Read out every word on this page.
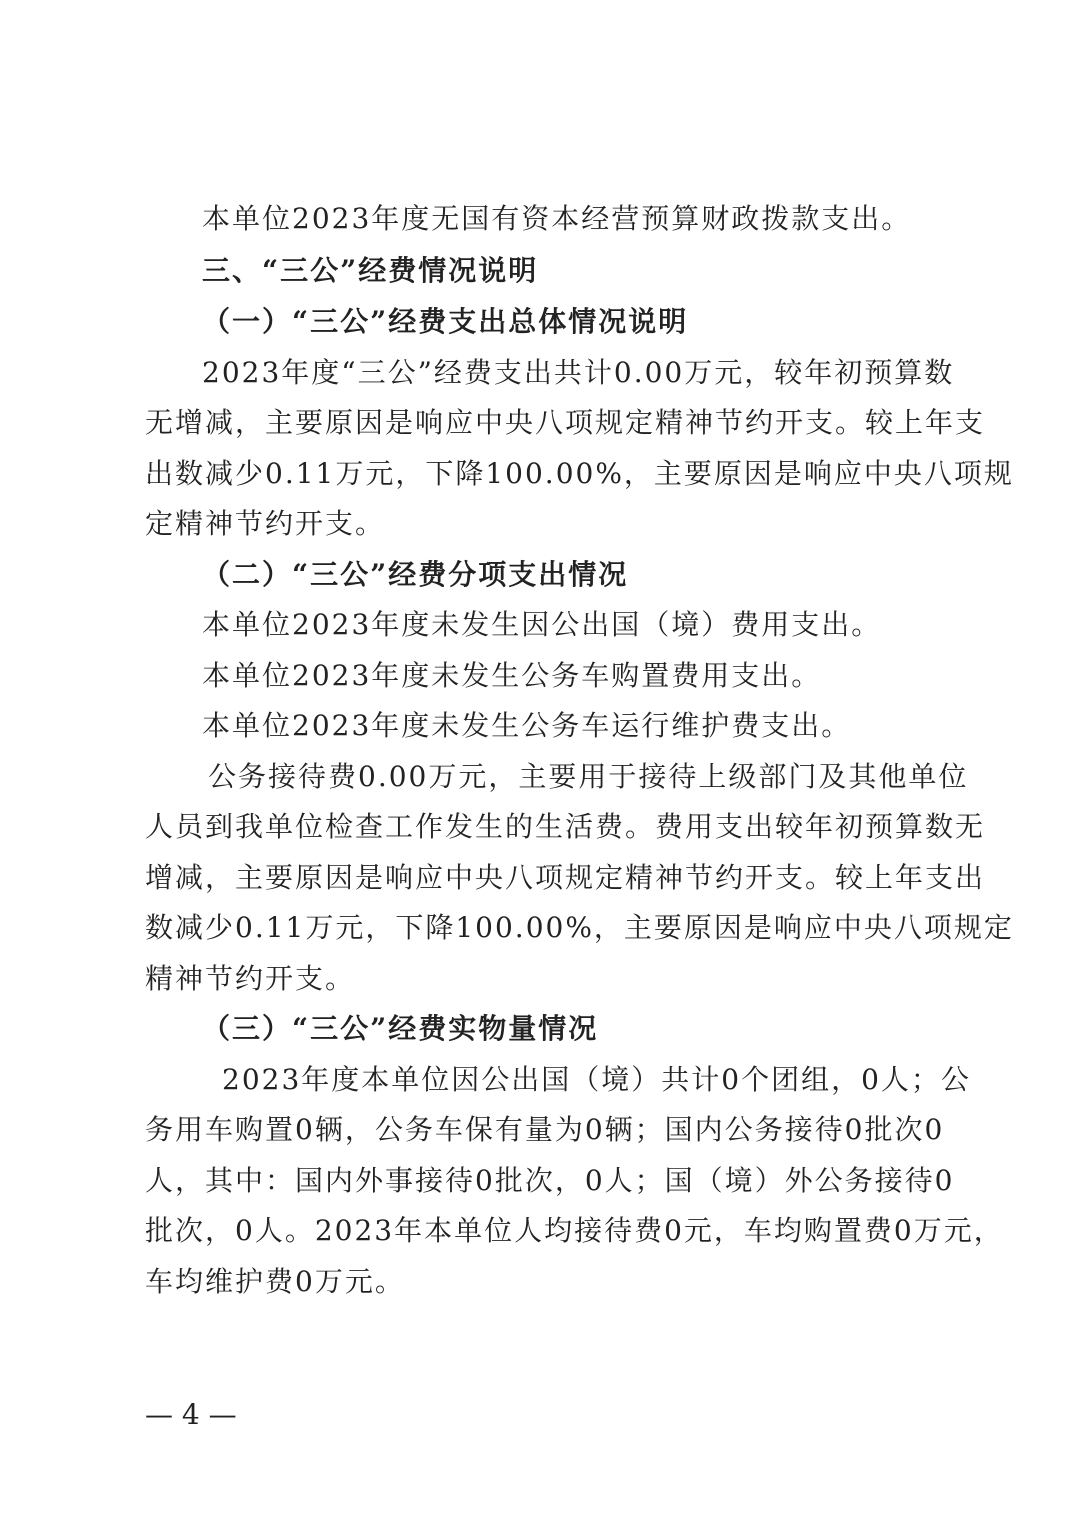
本单位2023年度无国有资本经营预算财政拨款支出。
三、“三公”经费情况说明
（一）“三公”经费支出总体情况说明
2023年度“三公”经费支出共计0.00万元，较年初预算数
无增减，主要原因是响应中央八项规定精神节约开支。较上年支
出数减少0.11万元，下降100.00%，主要原因是响应中央八项规
定精神节约开支。
（二）“三公”经费分项支出情况
本单位2023年度未发生因公出国（境）费用支出。
本单位2023年度未发生公务车购置费用支出。
本单位2023年度未发生公务车运行维护费支出。
公务接待费0.00万元，主要用于接待上级部门及其他单位
人员到我单位检查工作发生的生活费。费用支出较年初预算数无
增减，主要原因是响应中央八项规定精神节约开支。较上年支出
数减少0.11万元，下降100.00%，主要原因是响应中央八项规定
精神节约开支。
（三）“三公”经费实物量情况
2023年度本单位因公出国（境）共计0个团组，0人；公
务用车购置0辆，公务车保有量为0辆；国内公务接待0批次0
人，其中：国内外事接待0批次，0人；国（境）外公务接待0
批次，0人。2023年本单位人均接待费0元，车均购置费0万元，
车均维护费0万元。
— 4 —
